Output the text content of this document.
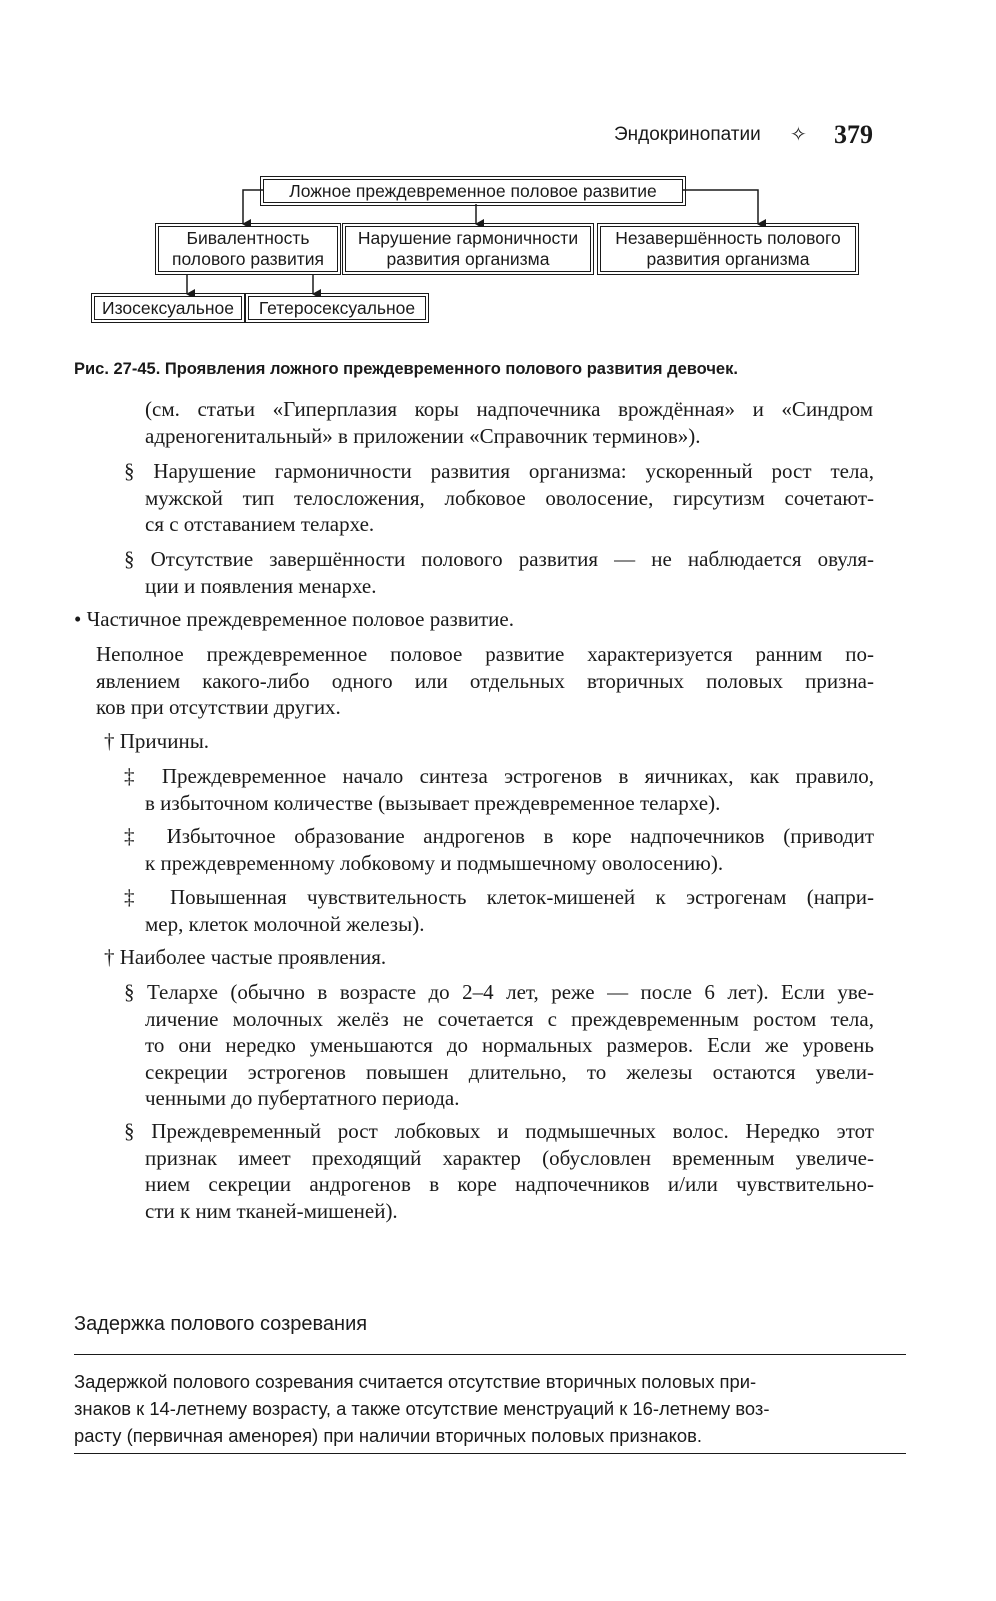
Эндокринопатии ✧ 379
Ложное преждевременное половое развитие
Бивалентность
полового развития
Нарушение гармоничности
развития организма
Незавершённость полового
развития организма
Изосексуальное Гетеросексуальное
Рис. 27-45. Проявления ложного преждевременного полового развития девочек.
(см. статьи «Гиперплазия коры надпочечника врождённая» и «Синдром
адреногенитальный» в приложении «Справочник терминов»).
§ Нарушение гармоничности развития организма: ускоренный рост тела,
мужской тип телосложения, лобковое оволосение, гирсутизм сочетают-
ся с отставанием телархе.
§ Отсутствие завершённости полового развития — не наблюдается овуля-
ции и появления менархе.
• Частичное преждевременное половое развитие.
Неполное преждевременное половое развитие характеризуется ранним по-
явлением какого-либо одного или отдельных вторичных половых призна-
ков при отсутствии других.
† Причины.
‡ Преждевременное начало синтеза эстрогенов в яичниках, как правило,
в избыточном количестве (вызывает преждевременное телархе).
‡ Избыточное образование андрогенов в коре надпочечников (приводит
к преждевременному лобковому и подмышечному оволосению).
‡ Повышенная чувствительность клеток-мишеней к эстрогенам (напри-
мер, клеток молочной железы).
† Наиболее частые проявления.
§ Телархе (обычно в возрасте до 2–4 лет, реже — после 6 лет). Если уве-
личение молочных желёз не сочетается с преждевременным ростом тела,
то они нередко уменьшаются до нормальных размеров. Если же уровень
секреции эстрогенов повышен длительно, то железы остаются увели-
ченными до пубертатного периода.
§ Преждевременный рост лобковых и подмышечных волос. Нередко этот
признак имеет преходящий характер (обусловлен временным увеличе-
нием секреции андрогенов в коре надпочечников и/или чувствительно-
сти к ним тканей-мишеней).
Задержка полового созревания
Задержкой полового созревания считается отсутствие вторичных половых при-
знаков к 14-летнему возрасту, а также отсутствие менструаций к 16-летнему воз-
расту (первичная аменорея) при наличии вторичных половых признаков.
